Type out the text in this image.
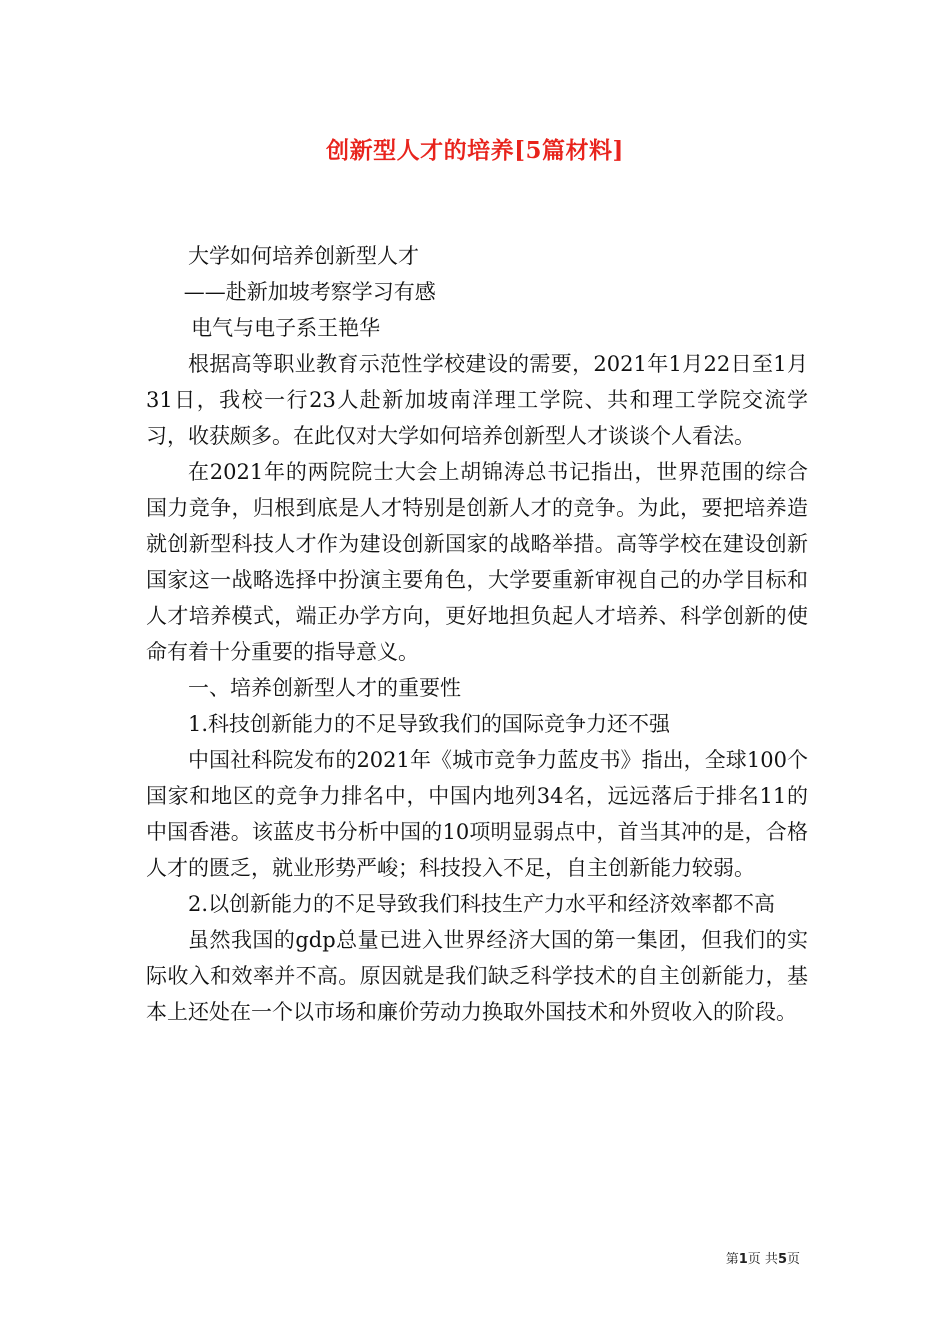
创新型人才的培养[5篇材料]

大学如何培养创新型人才

——赴新加坡考察学习有感

电气与电子系王艳华

根据高等职业教育示范性学校建设的需要，2021年1月22日至1月31日，我校一行23人赴新加坡南洋理工学院、共和理工学院交流学习，收获颇多。在此仅对大学如何培养创新型人才谈谈个人看法。

在2021年的两院院士大会上胡锦涛总书记指出，世界范围的综合国力竞争，归根到底是人才特别是创新人才的竞争。为此，要把培养造就创新型科技人才作为建设创新国家的战略举措。高等学校在建设创新国家这一战略选择中扮演主要角色，大学要重新审视自己的办学目标和人才培养模式，端正办学方向，更好地担负起人才培养、科学创新的使命有着十分重要的指导意义。

一、培养创新型人才的重要性

1.科技创新能力的不足导致我们的国际竞争力还不强

中国社科院发布的2021年《城市竞争力蓝皮书》指出，全球100个国家和地区的竞争力排名中，中国内地列34名，远远落后于排名11的中国香港。该蓝皮书分析中国的10项明显弱点中，首当其冲的是，合格人才的匮乏，就业形势严峻；科技投入不足，自主创新能力较弱。

2.以创新能力的不足导致我们科技生产力水平和经济效率都不高

虽然我国的gdp总量已进入世界经济大国的第一集团，但我们的实际收入和效率并不高。原因就是我们缺乏科学技术的自主创新能力，基本上还处在一个以市场和廉价劳动力换取外国技术和外贸收入的阶段。

第1页 共5页
